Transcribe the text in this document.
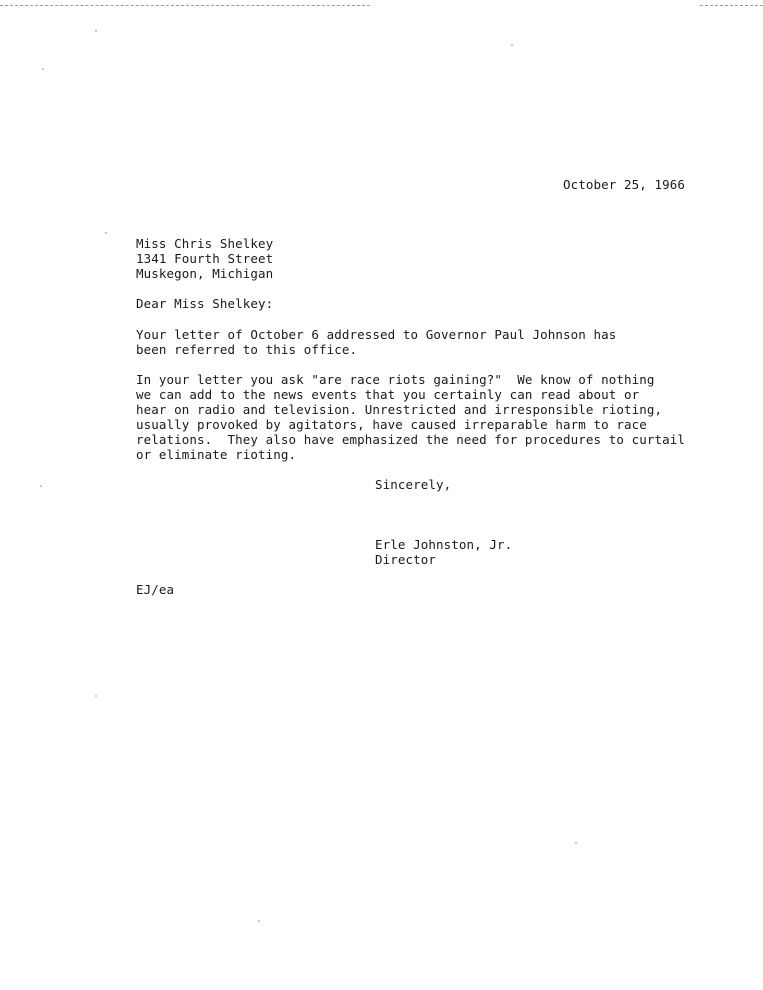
October 25, 1966
Miss Chris Shelkey
1341 Fourth Street
Muskegon, Michigan
Dear Miss Shelkey:
Your letter of October 6 addressed to Governor Paul Johnson has
been referred to this office.
In your letter you ask "are race riots gaining?"  We know of nothing
we can add to the news events that you certainly can read about or
hear on radio and television. Unrestricted and irresponsible rioting,
usually provoked by agitators, have caused irreparable harm to race
relations.  They also have emphasized the need for procedures to curtail
or eliminate rioting.
Sincerely,
Erle Johnston, Jr.
Director
EJ/ea
